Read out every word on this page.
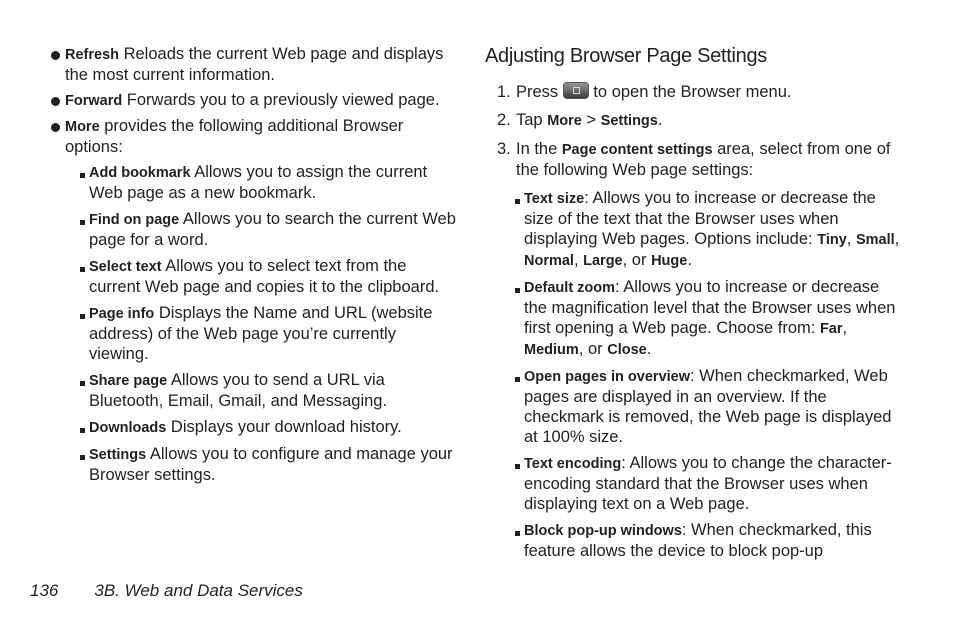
Refresh Reloads the current Web page and displays the most current information.

Forward Forwards you to a previously viewed page.

More provides the following additional Browser options:

Add bookmark Allows you to assign the current Web page as a new bookmark.

Find on page Allows you to search the current Web page for a word.

Select text Allows you to select text from the current Web page and copies it to the clipboard.

Page info Displays the Name and URL (website address) of the Web page you’re currently viewing.

Share page Allows you to send a URL via Bluetooth, Email, Gmail, and Messaging.

Downloads Displays your download history.

Settings Allows you to configure and manage your Browser settings.

Adjusting Browser Page Settings

1. Press
to open the Browser menu.

2. Tap More > Settings.

3. In the Page content settings area, select from one of the following Web page settings:

Text size: Allows you to increase or decrease the size of the text that the Browser uses when displaying Web pages. Options include: Tiny, Small, Normal, Large, or Huge.

Default zoom: Allows you to increase or decrease the magnification level that the Browser uses when first opening a Web page. Choose from: Far, Medium, or Close.

Open pages in overview: When checkmarked, Web pages are displayed in an overview. If the checkmark is removed, the Web page is displayed at 100% size.

Text encoding: Allows you to change the character-encoding standard that the Browser uses when displaying text on a Web page.

Block pop-up windows: When checkmarked, this feature allows the device to block pop-up

136 3B. Web and Data Services
